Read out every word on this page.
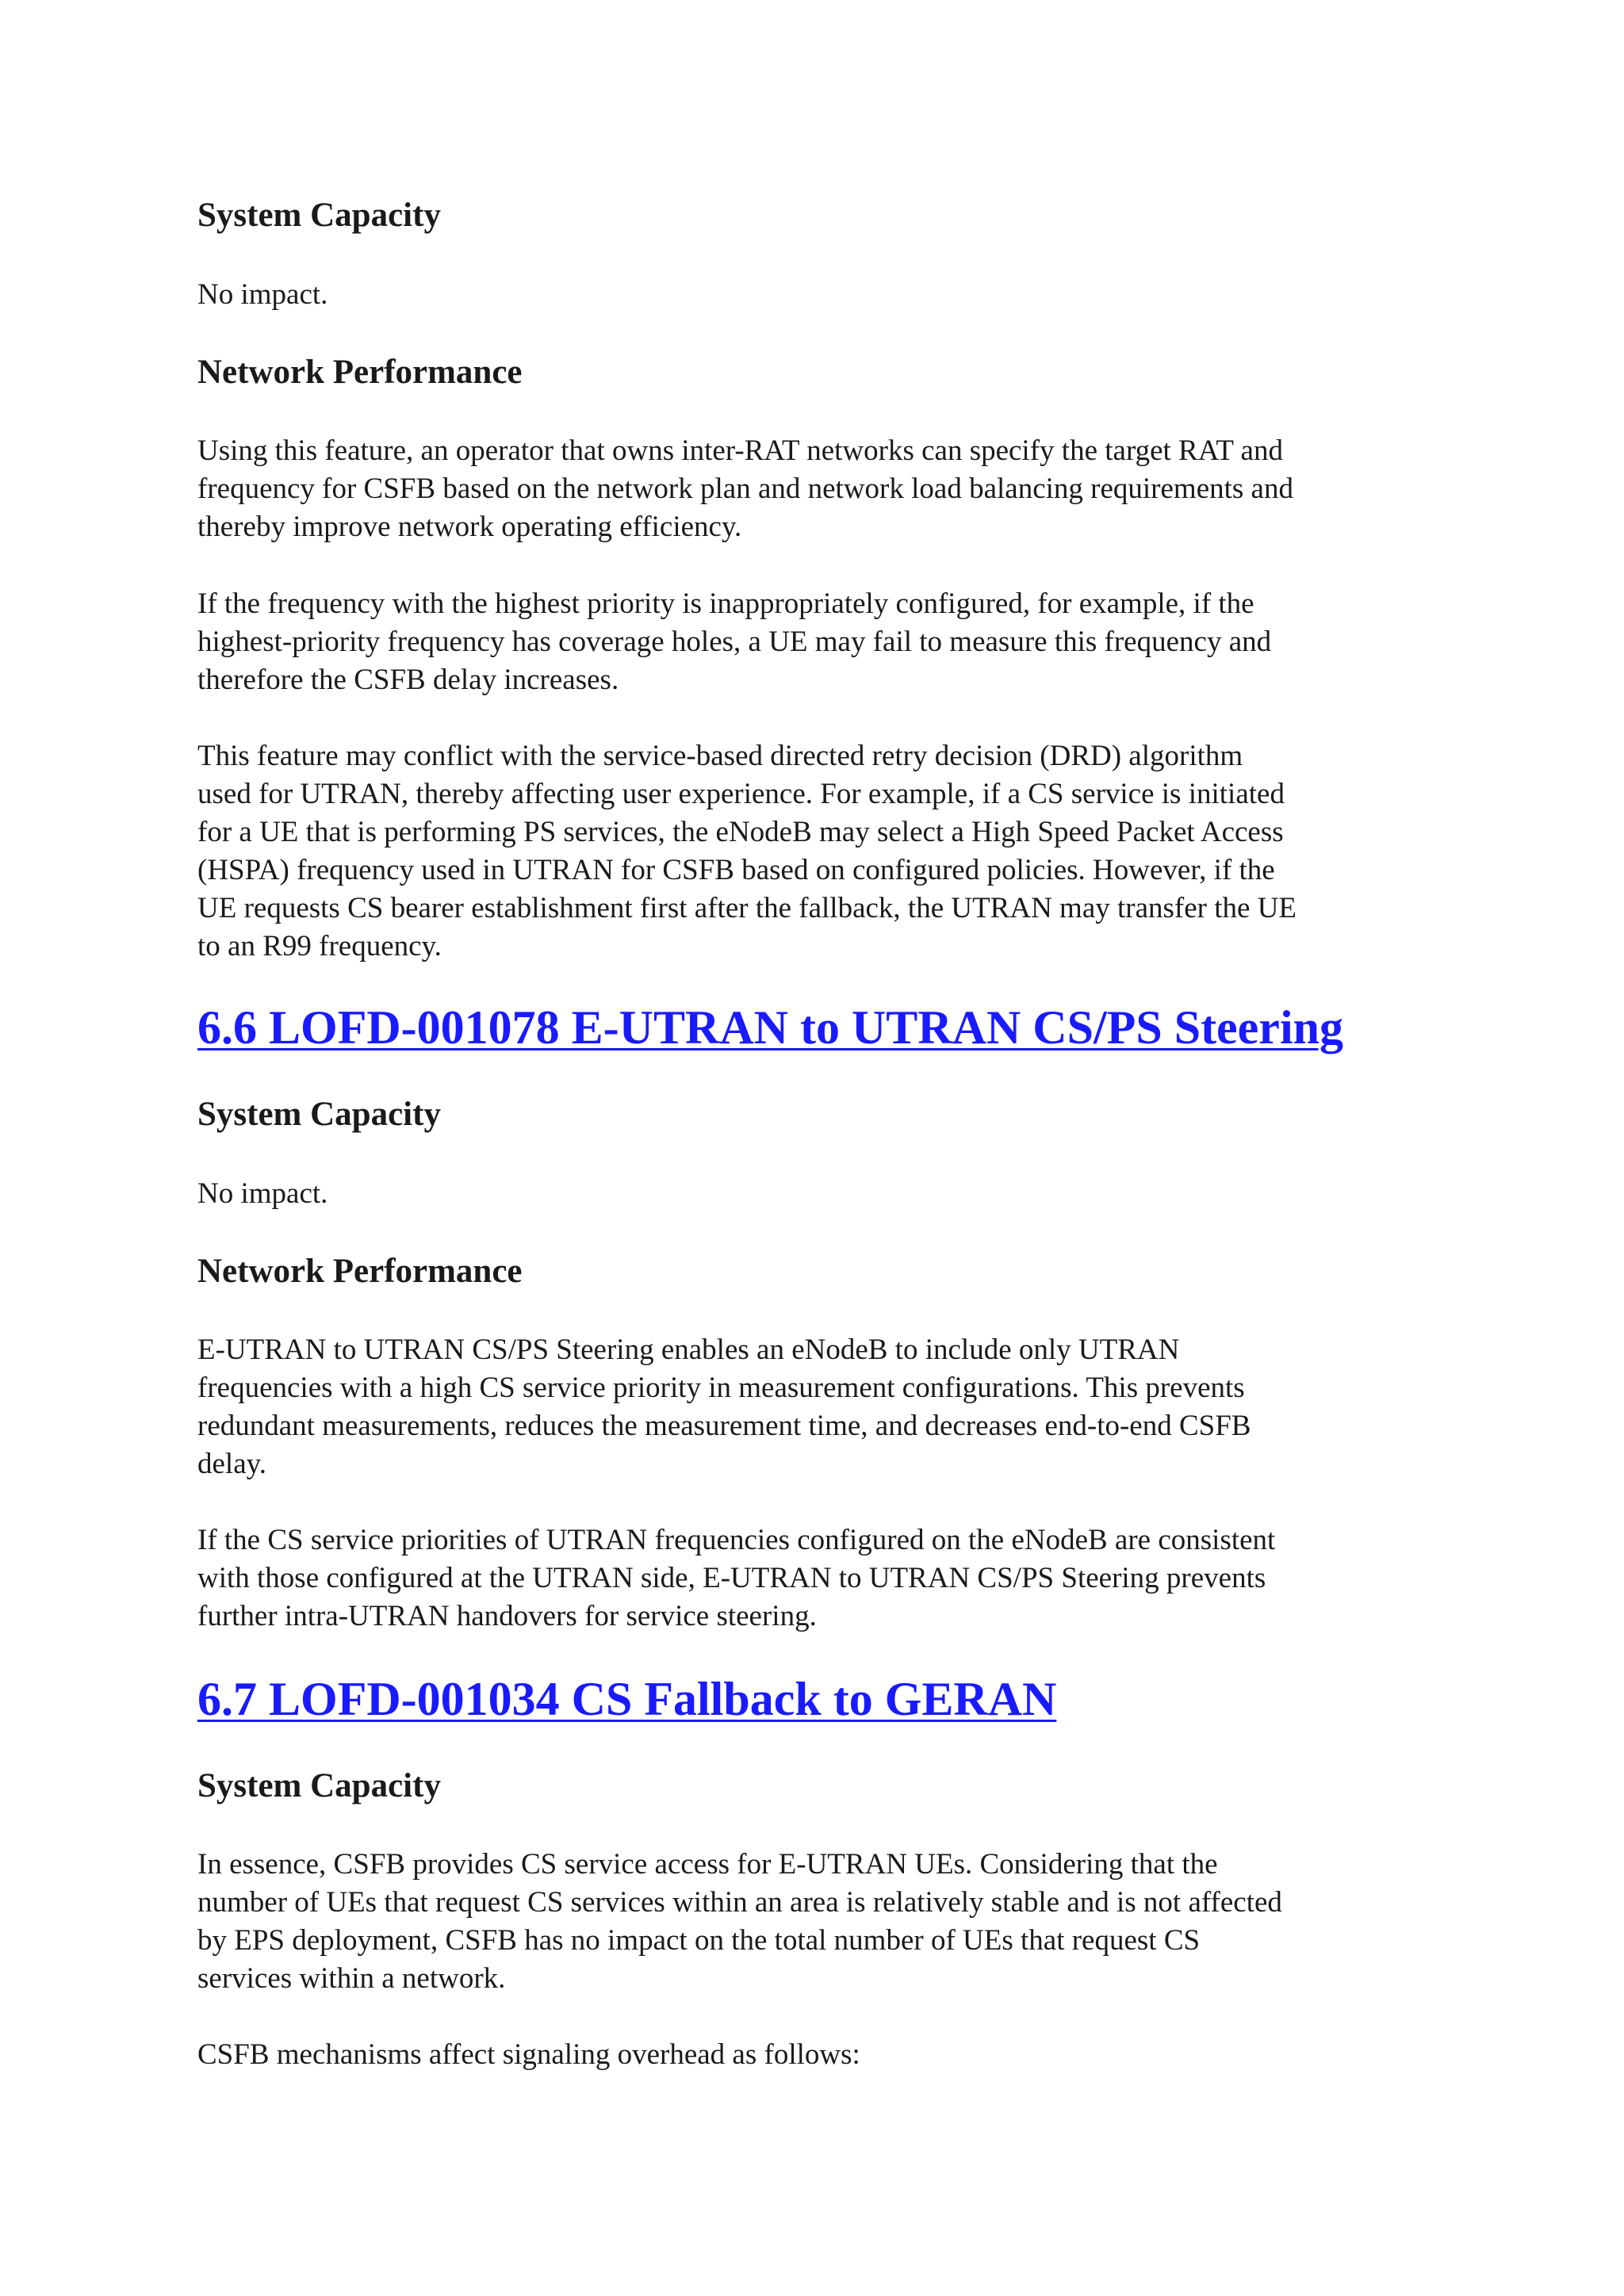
System Capacity
No impact.
Network Performance
Using this feature, an operator that owns inter-RAT networks can specify the target RAT and
frequency for CSFB based on the network plan and network load balancing requirements and
thereby improve network operating efficiency.
If the frequency with the highest priority is inappropriately configured, for example, if the
highest-priority frequency has coverage holes, a UE may fail to measure this frequency and
therefore the CSFB delay increases.
This feature may conflict with the service-based directed retry decision (DRD) algorithm
used for UTRAN, thereby affecting user experience. For example, if a CS service is initiated
for a UE that is performing PS services, the eNodeB may select a High Speed Packet Access
(HSPA) frequency used in UTRAN for CSFB based on configured policies. However, if the
UE requests CS bearer establishment first after the fallback, the UTRAN may transfer the UE
to an R99 frequency.
6.6 LOFD-001078 E-UTRAN to UTRAN CS/PS Steering
System Capacity
No impact.
Network Performance
E-UTRAN to UTRAN CS/PS Steering enables an eNodeB to include only UTRAN
frequencies with a high CS service priority in measurement configurations. This prevents
redundant measurements, reduces the measurement time, and decreases end-to-end CSFB
delay.
If the CS service priorities of UTRAN frequencies configured on the eNodeB are consistent
with those configured at the UTRAN side, E-UTRAN to UTRAN CS/PS Steering prevents
further intra-UTRAN handovers for service steering.
6.7 LOFD-001034 CS Fallback to GERAN
System Capacity
In essence, CSFB provides CS service access for E-UTRAN UEs. Considering that the
number of UEs that request CS services within an area is relatively stable and is not affected
by EPS deployment, CSFB has no impact on the total number of UEs that request CS
services within a network.
CSFB mechanisms affect signaling overhead as follows:
